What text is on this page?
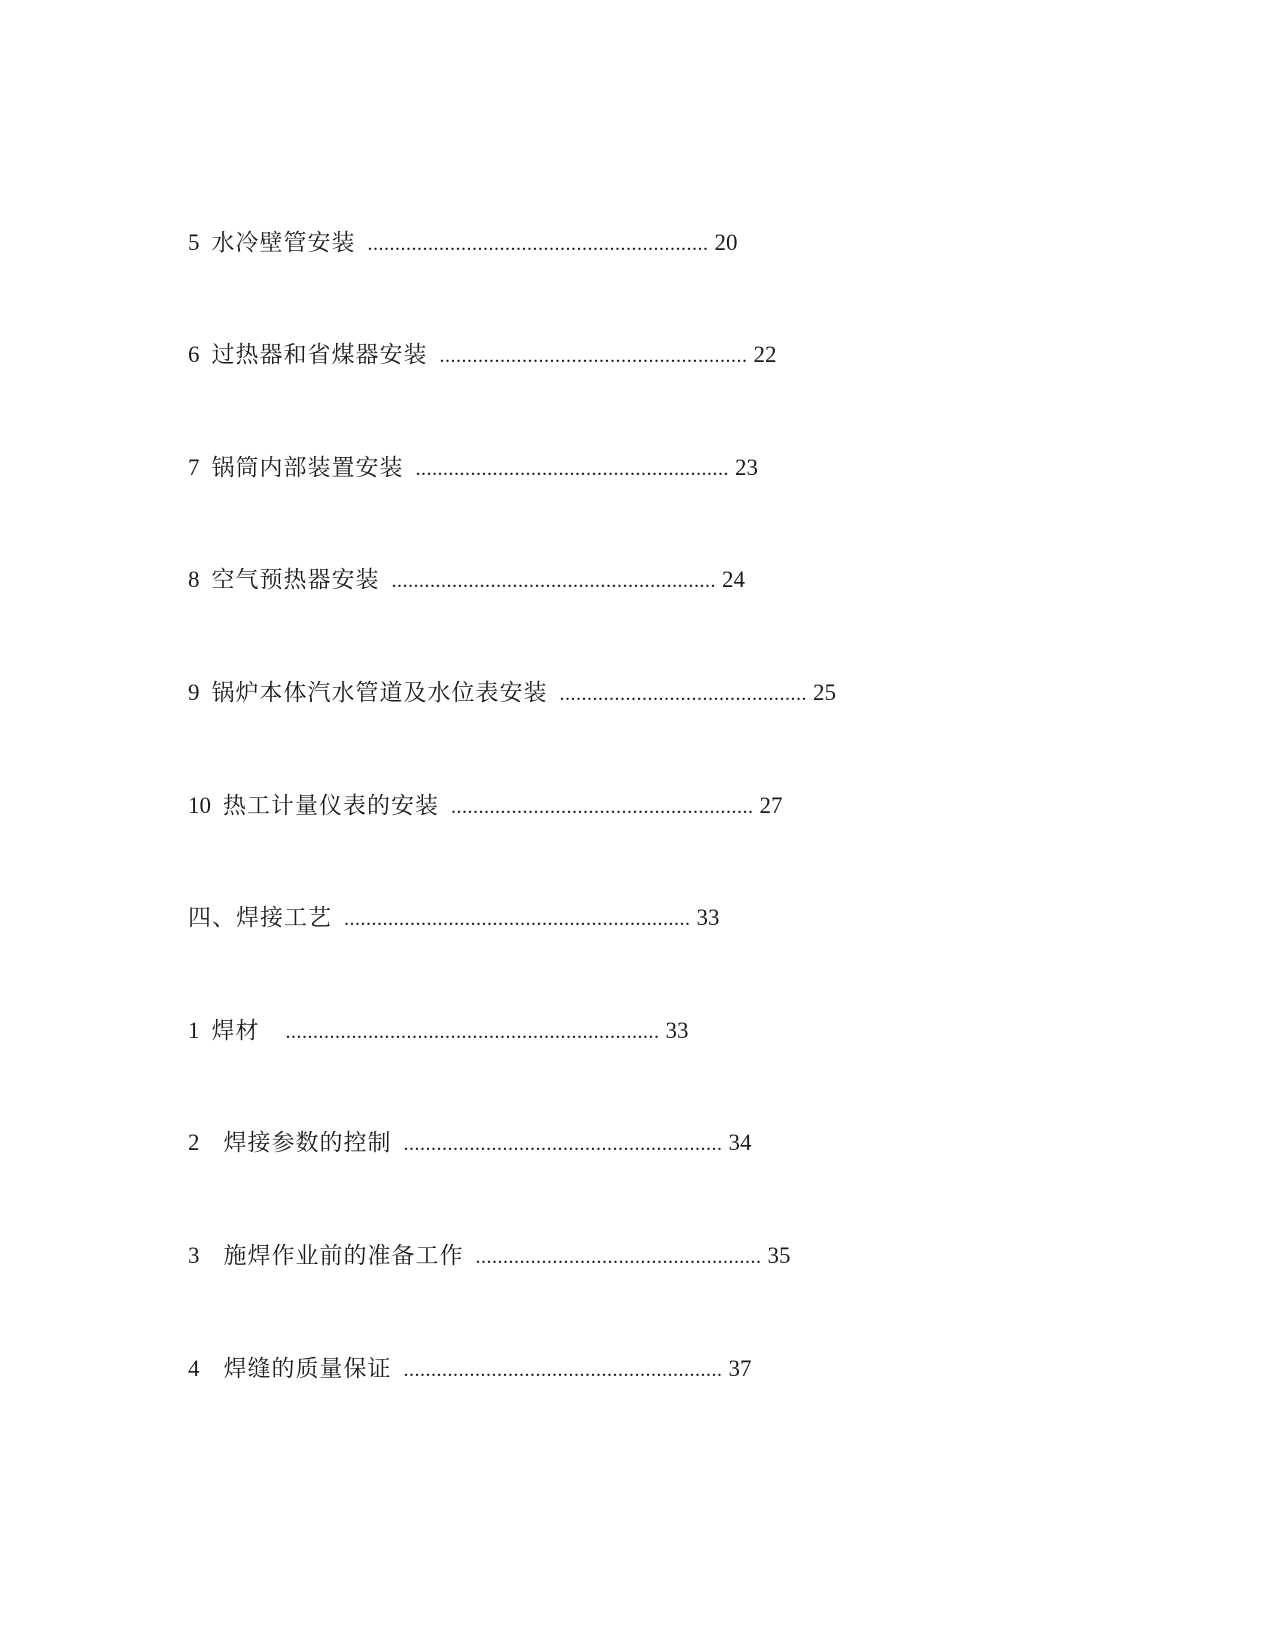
5 水冷壁管安装 .............................................................. 20
6 过热器和省煤器安装 ........................................................ 22
7 锅筒内部装置安装 ......................................................... 23
8 空气预热器安装 ........................................................... 24
9 锅炉本体汽水管道及水位表安装 ............................................. 25
10 热工计量仪表的安装 ....................................................... 27
四、焊接工艺 ............................................................... 33
1 焊材 .................................................................... 33
2 焊接参数的控制 .......................................................... 34
3 施焊作业前的准备工作 .................................................... 35
4 焊缝的质量保证 .......................................................... 37
